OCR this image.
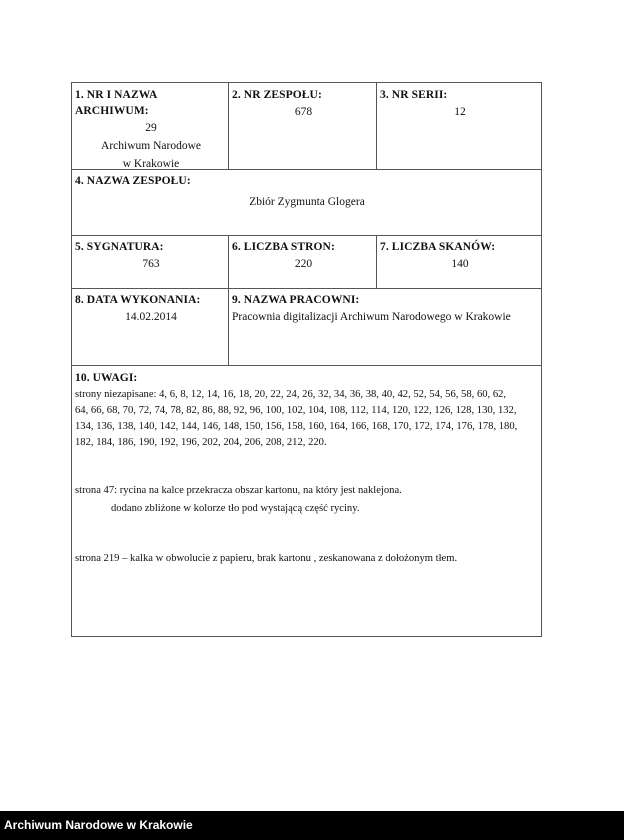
1. NR I NAZWA
ARCHIWUM:
29
Archiwum Narodowe
w Krakowie
2. NR ZESPOŁU:
678
3. NR SERII:
12
4. NAZWA ZESPOŁU:
Zbiór Zygmunta Glogera
5. SYGNATURA:
763
6. LICZBA STRON:
220
7. LICZBA SKANÓW:
140
8. DATA WYKONANIA:
14.02.2014
9. NAZWA PRACOWNI:
Pracownia digitalizacji Archiwum Narodowego w Krakowie
10. UWAGI:
strony niezapisane: 4, 6, 8, 12, 14, 16, 18, 20, 22, 24, 26, 32, 34, 36, 38, 40, 42, 52, 54, 56, 58, 60, 62,
64, 66, 68, 70, 72, 74, 78, 82, 86, 88, 92, 96, 100, 102, 104, 108, 112, 114, 120, 122, 126, 128, 130, 132,
134, 136, 138, 140, 142, 144, 146, 148, 150, 156, 158, 160, 164, 166, 168, 170, 172, 174, 176, 178, 180,
182, 184, 186, 190, 192, 196, 202, 204, 206, 208, 212, 220.
strona 47: rycina na kalce przekracza obszar kartonu, na który jest naklejona.
dodano zbliżone w kolorze tło pod wystającą część ryciny.
strona 219 – kalka w obwolucie z papieru, brak kartonu , zeskanowana z dołożonym tłem.
Archiwum Narodowe w Krakowie
